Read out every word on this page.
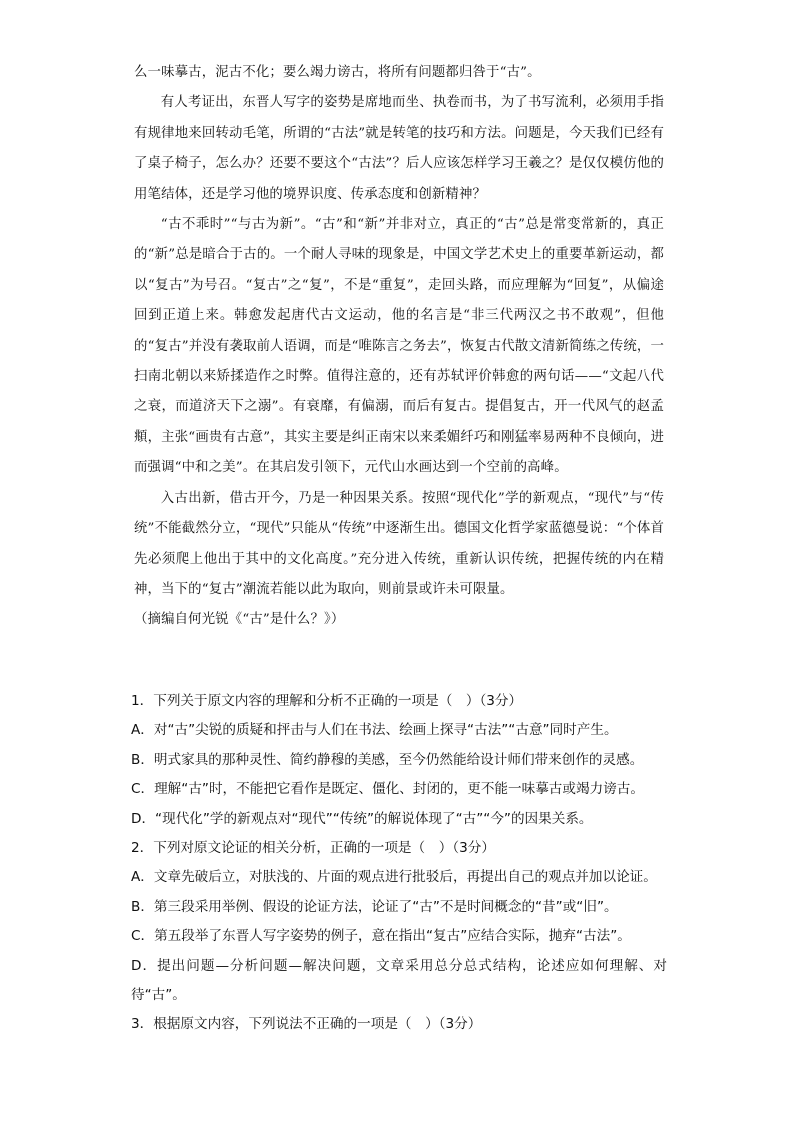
么一味摹古，泥古不化；要么竭力谤古，将所有问题都归咎于“古”。

有人考证出，东晋人写字的姿势是席地而坐、执卷而书，为了书写流利，必须用手指有规律地来回转动毛笔，所谓的“古法”就是转笔的技巧和方法。问题是，今天我们已经有了桌子椅子，怎么办？还要不要这个“古法”？后人应该怎样学习王羲之？是仅仅模仿他的用笔结体，还是学习他的境界识度、传承态度和创新精神？

“古不乖时”“与古为新”。“古”和“新”并非对立，真正的“古”总是常变常新的，真正的“新”总是暗合于古的。一个耐人寻味的现象是，中国文学艺术史上的重要革新运动，都以“复古”为号召。“复古”之“复”，不是“重复”，走回头路，而应理解为“回复”，从偏途回到正道上来。韩愈发起唐代古文运动，他的名言是“非三代两汉之书不敢观”，但他的“复古”并没有袭取前人语调，而是“唯陈言之务去”，恢复古代散文清新简练之传统，一扫南北朝以来矫揉造作之时弊。值得注意的，还有苏轼评价韩愈的两句话——“文起八代之衰，而道济天下之溺”。有衰靡，有偏溺，而后有复古。提倡复古，开一代风气的赵孟頫，主张“画贵有古意”，其实主要是纠正南宋以来柔媚纤巧和刚猛率易两种不良倾向，进而强调“中和之美”。在其启发引领下，元代山水画达到一个空前的高峰。

入古出新，借古开今，乃是一种因果关系。按照“现代化”学的新观点，“现代”与“传统”不能截然分立，“现代”只能从“传统”中逐渐生出。德国文化哲学家蓝德曼说：“个体首先必须爬上他出于其中的文化高度。”充分进入传统，重新认识传统，把握传统的内在精神，当下的“复古”潮流若能以此为取向，则前景或许未可限量。

（摘编自何光锐《“古”是什么？》）

1．下列关于原文内容的理解和分析不正确的一项是（　）（3分）

A．对“古”尖锐的质疑和抨击与人们在书法、绘画上探寻“古法”“古意”同时产生。

B．明式家具的那种灵性、简约静穆的美感，至今仍然能给设计师们带来创作的灵感。

C．理解“古”时，不能把它看作是既定、僵化、封闭的，更不能一味摹古或竭力谤古。

D．“现代化”学的新观点对“现代”“传统”的解说体现了“古”“今”的因果关系。

2．下列对原文论证的相关分析，正确的一项是（　）（3分）

A．文章先破后立，对肤浅的、片面的观点进行批驳后，再提出自己的观点并加以论证。

B．第三段采用举例、假设的论证方法，论证了“古”不是时间概念的“昔”或“旧”。

C．第五段举了东晋人写字姿势的例子，意在指出“复古”应结合实际，抛弃“古法”。

D．提出问题—分析问题—解决问题，文章采用总分总式结构，论述应如何理解、对待“古”。

3．根据原文内容，下列说法不正确的一项是（　）（3分）
